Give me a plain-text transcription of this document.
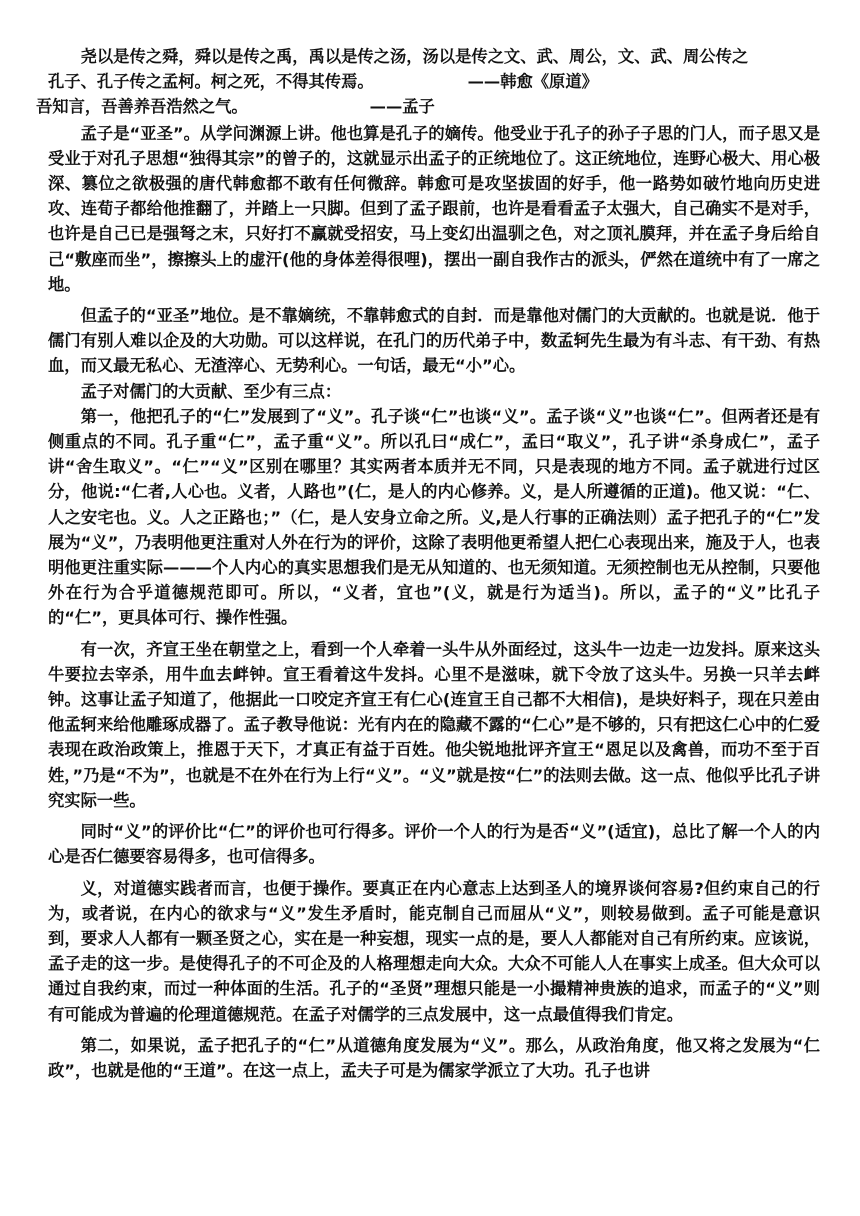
尧以是传之舜，舜以是传之禹，禹以是传之汤，汤以是传之文、武、周公，文、武、周公传之
孔子、孔子传之孟柯。柯之死，不得其传焉。	——韩愈《原道》
吾知言，吾善养吾浩然之气。	——孟子

孟子是“亚圣”。从学问渊源上讲。他也算是孔子的嫡传。他受业于孔子的孙子子思的门人，而子思又是受业于对孔子思想“独得其宗”的曾子的，这就显示出孟子的正统地位了。这正统地位，连野心极大、用心极深、篡位之欲极强的唐代韩愈都不敢有任何微辞。韩愈可是攻坚拔固的好手，他一路势如破竹地向历史进攻、连荀子都给他推翻了，并踏上一只脚。但到了孟子跟前，也许是看看孟子太强大，自己确实不是对手，也许是自己已是强弩之末，只好打不赢就受招安，马上变幻出温驯之色，对之顶礼膜拜，并在孟子身后给自己“敷座而坐”，擦擦头上的虚汗(他的身体差得很哩)，摆出一副自我作古的派头，俨然在道统中有了一席之地。

但孟子的“亚圣”地位。是不靠嫡统，不靠韩愈式的自封．而是靠他对儒门的大贡献的。也就是说．他于儒门有别人难以企及的大功勋。可以这样说，在孔门的历代弟子中，数孟轲先生最为有斗志、有干劲、有热血，而又最无私心、无渣滓心、无势利心。一句话，最无“小”心。

孟子对儒门的大贡献、至少有三点：

第一，他把孔子的“仁”发展到了“义”。孔子谈“仁”也谈“义”。孟子谈“义”也谈“仁”。但两者还是有侧重点的不同。孔子重“仁”，孟子重“义”。所以孔曰“成仁”，孟曰“取义”，孔子讲“杀身成仁”，孟子讲“舍生取义”。“仁”“义”区别在哪里？其实两者本质并无不同，只是表现的地方不同。孟子就进行过区分，他说:“仁者,人心也。义者，人路也”(仁，是人的内心修养。义，是人所遵循的正道)。他又说：“仁、人之安宅也。义。人之正路也；”（仁，是人安身立命之所。义,是人行事的正确法则）孟子把孔子的“仁”发展为“义”，乃表明他更注重对人外在行为的评价，这除了表明他更希望人把仁心表现出来，施及于人，也表明他更注重实际———个人内心的真实思想我们是无从知道的、也无须知道。无须控制也无从控制，只要他外在行为合乎道德规范即可。所以，“义者，宜也”(义，就是行为适当)。所以，孟子的“义”比孔子的“仁”，更具体可行、操作性强。

有一次，齐宣王坐在朝堂之上，看到一个人牵着一头牛从外面经过，这头牛一边走一边发抖。原来这头牛要拉去宰杀，用牛血去衅钟。宣王看着这牛发抖。心里不是滋味，就下令放了这头牛。另换一只羊去衅钟。这事让孟子知道了，他据此一口咬定齐宣王有仁心(连宣王自己都不大相信)，是块好料子，现在只差由他孟轲来给他雕琢成器了。孟子教导他说：光有内在的隐藏不露的“仁心”是不够的，只有把这仁心中的仁爱表现在政治政策上，推恩于天下，才真正有益于百姓。他尖锐地批评齐宣王“恩足以及禽兽，而功不至于百姓，”乃是“不为”，也就是不在外在行为上行“义”。“义”就是按“仁”的法则去做。这一点、他似乎比孔子讲究实际一些。

同时“义”的评价比“仁”的评价也可行得多。评价一个人的行为是否“义”(适宜)，总比了解一个人的内心是否仁德要容易得多，也可信得多。

义，对道德实践者而言，也便于操作。要真正在内心意志上达到圣人的境界谈何容易?但约束自己的行为，或者说，在内心的欲求与“义”发生矛盾时，能克制自己而屈从“义”，则较易做到。孟子可能是意识到，要求人人都有一颗圣贤之心，实在是一种妄想，现实一点的是，要人人都能对自己有所约束。应该说，孟子走的这一步。是使得孔子的不可企及的人格理想走向大众。大众不可能人人在事实上成圣。但大众可以通过自我约束，而过一种体面的生活。孔子的“圣贤”理想只能是一小撮精神贵族的追求，而孟子的“义”则有可能成为普遍的伦理道德规范。在孟子对儒学的三点发展中，这一点最值得我们肯定。

第二，如果说，孟子把孔子的“仁”从道德角度发展为“义”。那么，从政治角度，他又将之发展为“仁政”，也就是他的“王道”。在这一点上，孟夫子可是为儒家学派立了大功。孔子也讲
